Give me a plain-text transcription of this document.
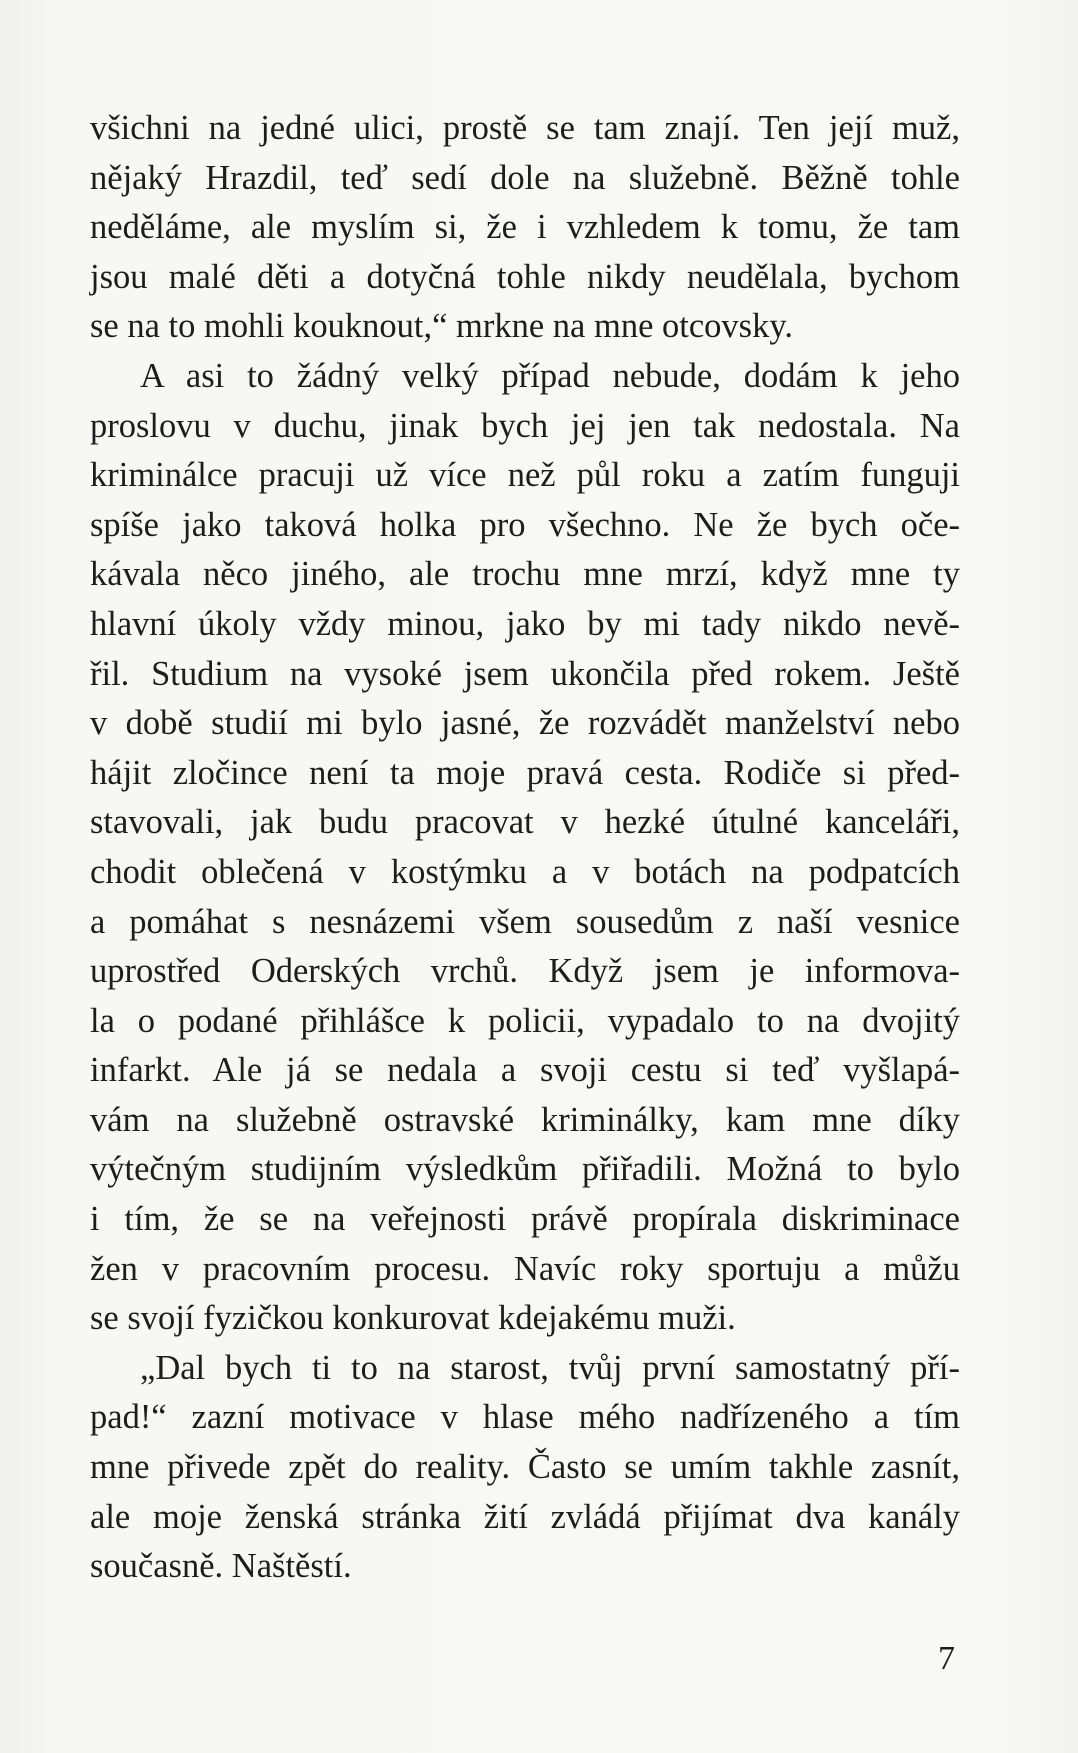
všichni na jedné ulici, prostě se tam znají. Ten její muž,
nějaký Hrazdil, teď sedí dole na služebně. Běžně tohle
neděláme, ale myslím si, že i vzhledem k tomu, že tam
jsou malé děti a dotyčná tohle nikdy neudělala, bychom
se na to mohli kouknout,“ mrkne na mne otcovsky.
A asi to žádný velký případ nebude, dodám k jeho
proslovu v duchu, jinak bych jej jen tak nedostala. Na
kriminálce pracuji už více než půl roku a zatím funguji
spíše jako taková holka pro všechno. Ne že bych oče-
kávala něco jiného, ale trochu mne mrzí, když mne ty
hlavní úkoly vždy minou, jako by mi tady nikdo nevě-
řil. Studium na vysoké jsem ukončila před rokem. Ještě
v době studií mi bylo jasné, že rozvádět manželství nebo
hájit zločince není ta moje pravá cesta. Rodiče si před-
stavovali, jak budu pracovat v hezké útulné kanceláři,
chodit oblečená v kostýmku a v botách na podpatcích
a pomáhat s nesnázemi všem sousedům z naší vesnice
uprostřed Oderských vrchů. Když jsem je informova-
la o podané přihlášce k policii, vypadalo to na dvojitý
infarkt. Ale já se nedala a svoji cestu si teď vyšlapá-
vám na služebně ostravské kriminálky, kam mne díky
výtečným studijním výsledkům přiřadili. Možná to bylo
i tím, že se na veřejnosti právě propírala diskriminace
žen v pracovním procesu. Navíc roky sportuju a můžu
se svojí fyzičkou konkurovat kdejakému muži.
„Dal bych ti to na starost, tvůj první samostatný pří-
pad!“ zazní motivace v hlase mého nadřízeného a tím
mne přivede zpět do reality. Často se umím takhle zasnít,
ale moje ženská stránka žití zvládá přijímat dva kanály
současně. Naštěstí.
7
